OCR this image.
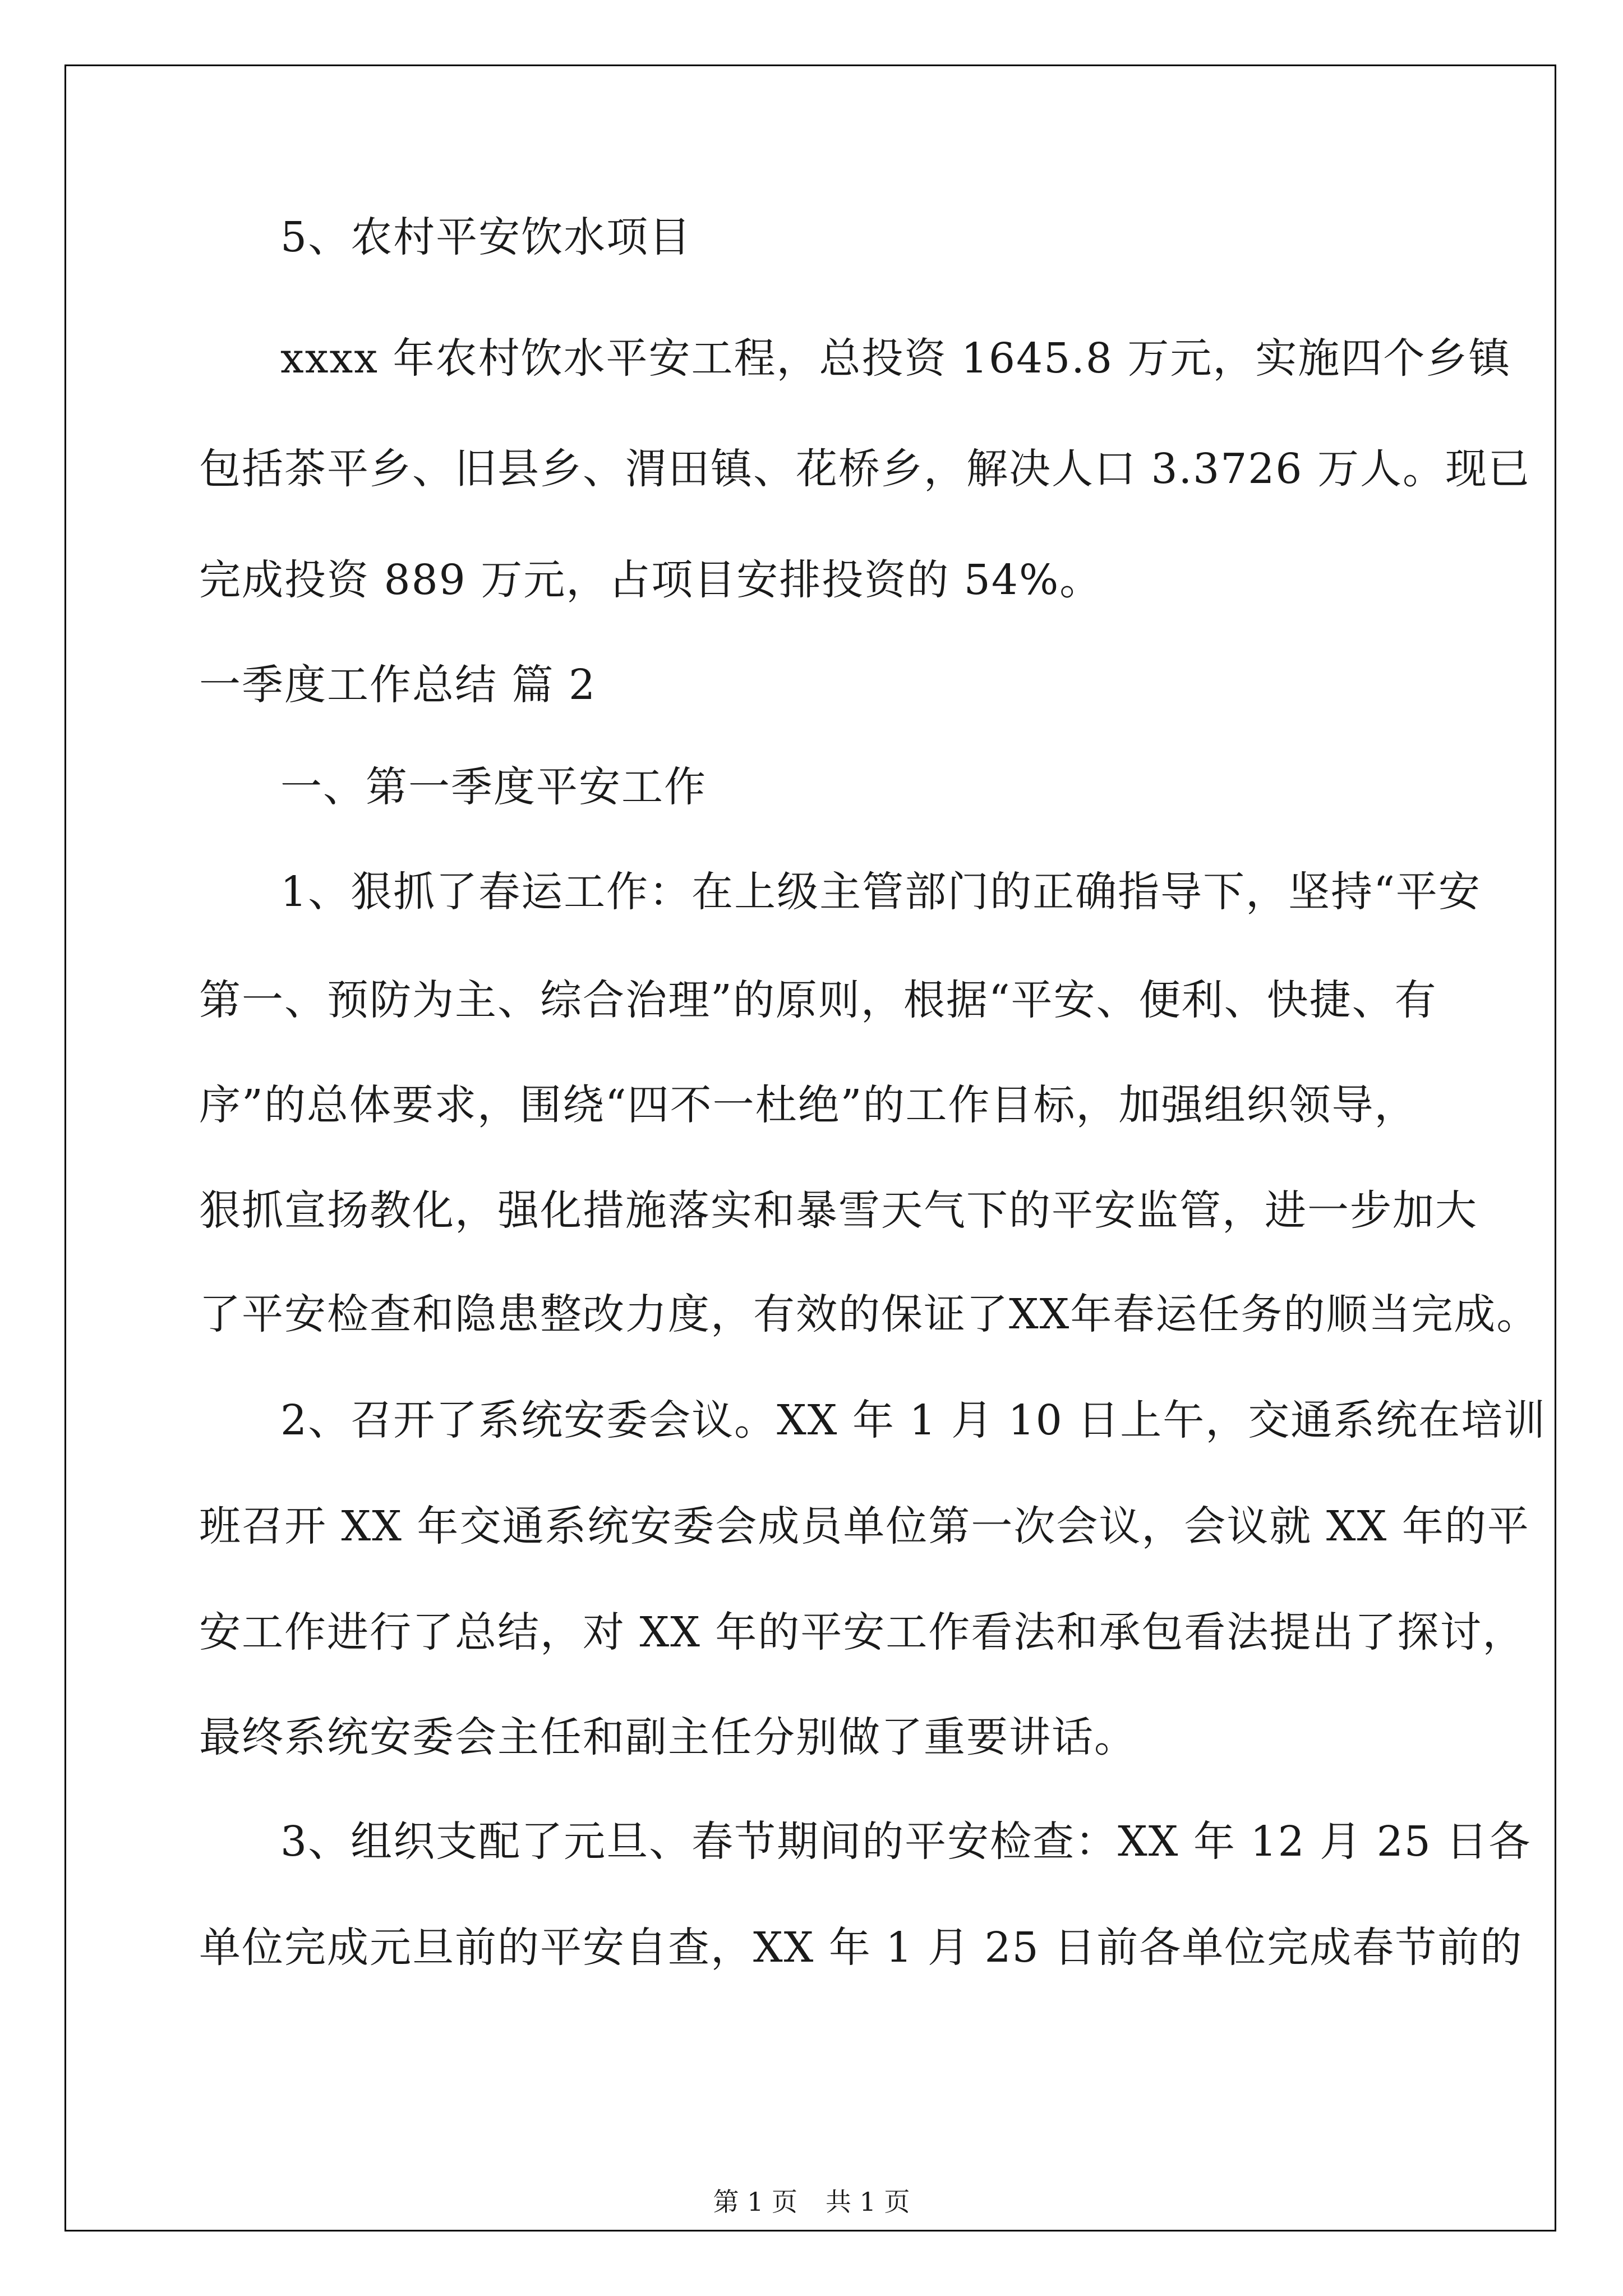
5、农村平安饮水项目
xxxx 年农村饮水平安工程，总投资 1645.8 万元，实施四个乡镇
包括茶平乡、旧县乡、渭田镇、花桥乡，解决人口 3.3726 万人。现已
完成投资 889 万元，占项目安排投资的 54%。
一季度工作总结 篇 2
一、第一季度平安工作
1、狠抓了春运工作：在上级主管部门的正确指导下，坚持“平安
第一、预防为主、综合治理”的原则，根据“平安、便利、快捷、有
序”的总体要求，围绕“四不一杜绝”的工作目标，加强组织领导，
狠抓宣扬教化，强化措施落实和暴雪天气下的平安监管，进一步加大
了平安检查和隐患整改力度，有效的保证了XX年春运任务的顺当完成。
2、召开了系统安委会议。XX 年 1 月 10 日上午，交通系统在培训
班召开 XX 年交通系统安委会成员单位第一次会议，会议就 XX 年的平
安工作进行了总结，对 XX 年的平安工作看法和承包看法提出了探讨，
最终系统安委会主任和副主任分别做了重要讲话。
3、组织支配了元旦、春节期间的平安检查：XX 年 12 月 25 日各
单位完成元旦前的平安自查，XX 年 1 月 25 日前各单位完成春节前的
第 1 页 共 1 页
